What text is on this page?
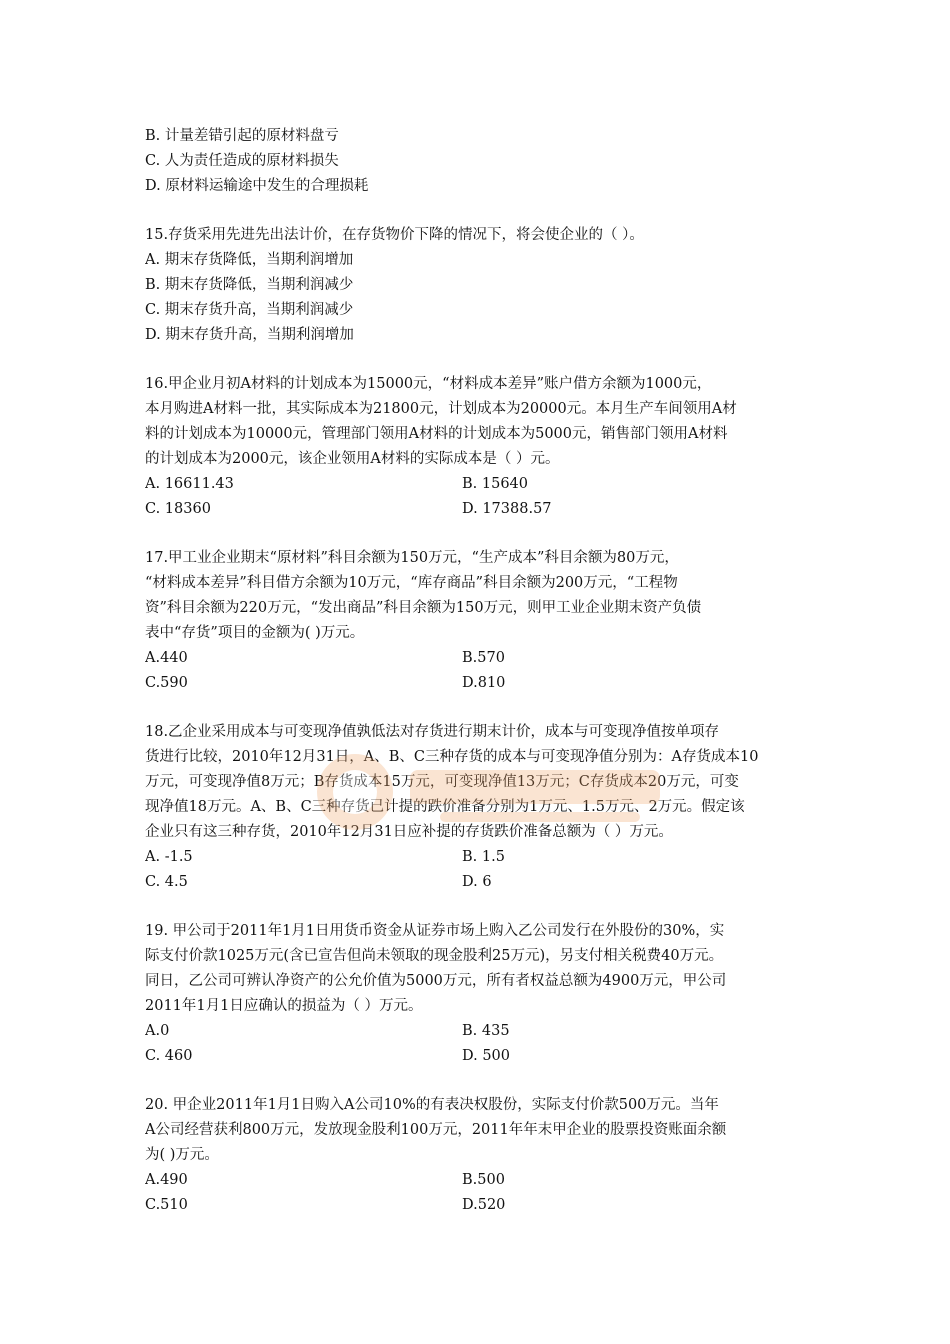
B. 计量差错引起的原材料盘亏
C. 人为责任造成的原材料损失
D. 原材料运输途中发生的合理损耗
15.存货采用先进先出法计价，在存货物价下降的情况下，将会使企业的（ ）。
A. 期末存货降低，当期利润增加
B. 期末存货降低，当期利润减少
C. 期末存货升高，当期利润减少
D. 期末存货升高，当期利润增加
16.甲企业月初A材料的计划成本为15000元，“材料成本差异”账户借方余额为1000元，
本月购进A材料一批，其实际成本为21800元，计划成本为20000元。本月生产车间领用A材
料的计划成本为10000元，管理部门领用A材料的计划成本为5000元，销售部门领用A材料
的计划成本为2000元，该企业领用A材料的实际成本是（ ）元。
A. 16611.43	B. 15640
C. 18360	D. 17388.57
17.甲工业企业期末“原材料”科目余额为150万元，“生产成本”科目余额为80万元，
“材料成本差异”科目借方余额为10万元，“库存商品”科目余额为200万元，“工程物
资”科目余额为220万元，“发出商品”科目余额为150万元，则甲工业企业期末资产负债
表中“存货”项目的金额为( )万元。
A.440	B.570
C.590	D.810
18.乙企业采用成本与可变现净值孰低法对存货进行期末计价，成本与可变现净值按单项存
货进行比较，2010年12月31日，A、B、C三种存货的成本与可变现净值分别为：A存货成本10
万元，可变现净值8万元；B存货成本15万元，可变现净值13万元；C存货成本20万元，可变
现净值18万元。A、B、C三种存货已计提的跌价准备分别为1万元、1.5万元、2万元。假定该
企业只有这三种存货，2010年12月31日应补提的存货跌价准备总额为（ ）万元。
A. -1.5	B. 1.5
C. 4.5	D. 6
19. 甲公司于2011年1月1日用货币资金从证券市场上购入乙公司发行在外股份的30%，实
际支付价款1025万元(含已宣告但尚未领取的现金股利25万元)，另支付相关税费40万元。
同日，乙公司可辨认净资产的公允价值为5000万元，所有者权益总额为4900万元，甲公司
2011年1月1日应确认的损益为（ ）万元。
A.0	B. 435
C. 460	D. 500
20. 甲企业2011年1月1日购入A公司10%的有表决权股份，实际支付价款500万元。当年
A公司经营获利800万元，发放现金股利100万元，2011年年末甲企业的股票投资账面余额
为( )万元。
A.490	B.500
C.510	D.520
